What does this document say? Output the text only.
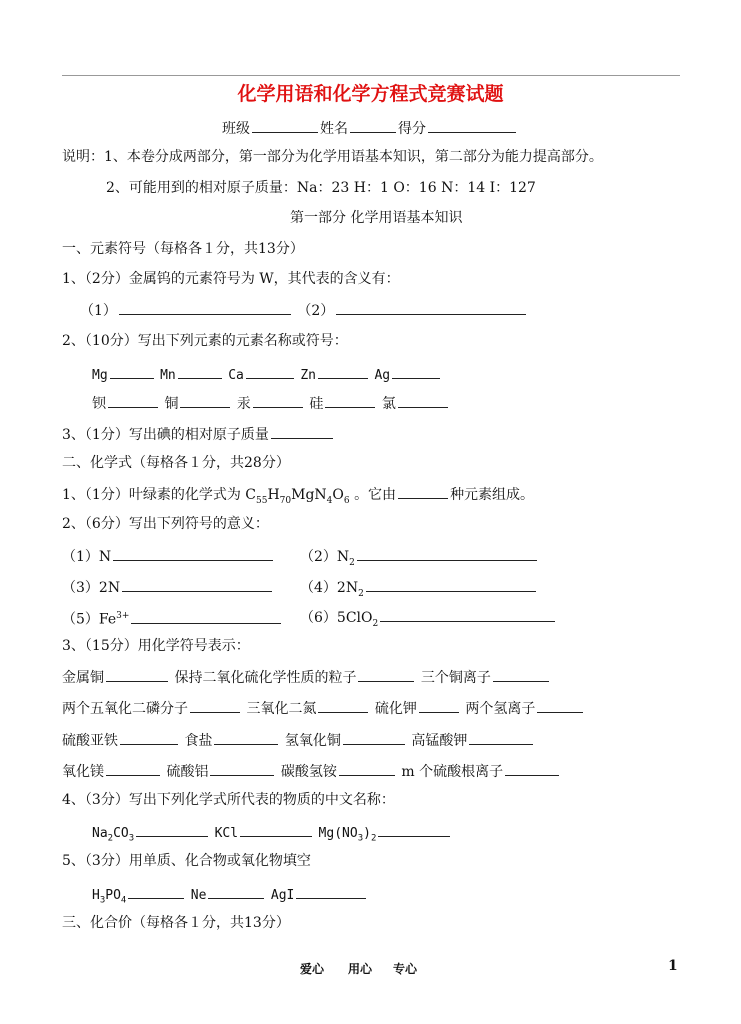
化学用语和化学方程式竞赛试题
班级	姓名	得分
说明：1、本卷分成两部分，第一部分为化学用语基本知识，第二部分为能力提高部分。
2、可能用到的相对原子质量：Na：23 H：1 O：16 N：14 I：127
第一部分 化学用语基本知识
一、元素符号（每格各１分，共13分）
1、（2分）金属钨的元素符号为 W，其代表的含义有：
（1）	（2）
2、（10分）写出下列元素的元素名称或符号：
Mg	Mn	Ca	Zn	Ag
钡	铜	汞	硅	氯
3、（1分）写出碘的相对原子质量
二、化学式（每格各１分，共28分）
1、（1分）叶绿素的化学式为 $C_{55}H_{70}MgN_4O_6$ 。它由	种元素组成。
2、（6分）写出下列符号的意义：
（1）N	$(2)N_2$
（3）2N	$(4)2N_2$
$(5)Fe^{3+}$	（6）5ClO$_2$
3、（15分）用化学符号表示：
金属铜	保持二氧化硫化学性质的粒子	三个铜离子
两个五氧化二磷分子	三氧化二氮	硫化钾	两个氢离子
硫酸亚铁	食盐	氢氧化铜	高锰酸钾
氧化镁	硫酸铝	碳酸氢铵	m 个硫酸根离子
4、（3分）写出下列化学式所代表的物质的中文名称：
$Na_2CO_3$	KCl	$Mg(NO_3)_2$
5、（3分）用单质、化合物或氧化物填空
$H_3PO_4$	Ne	AgI
三、化合价（每格各１分，共13分）
爱心 用心 专心	1
